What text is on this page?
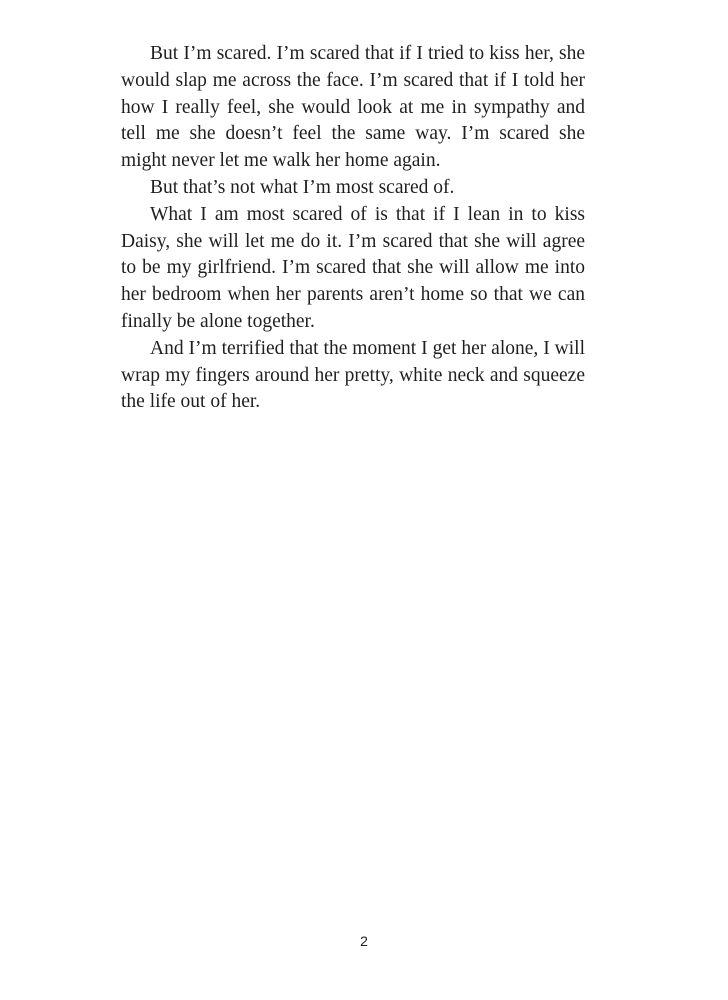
But I’m scared. I’m scared that if I tried to kiss her, she would slap me across the face. I’m scared that if I told her how I really feel, she would look at me in sympathy and tell me she doesn’t feel the same way. I’m scared she might never let me walk her home again.

But that’s not what I’m most scared of.

What I am most scared of is that if I lean in to kiss Daisy, she will let me do it. I’m scared that she will agree to be my girlfriend. I’m scared that she will allow me into her bedroom when her parents aren’t home so that we can finally be alone together.

And I’m terrified that the moment I get her alone, I will wrap my fingers around her pretty, white neck and squeeze the life out of her.

2
